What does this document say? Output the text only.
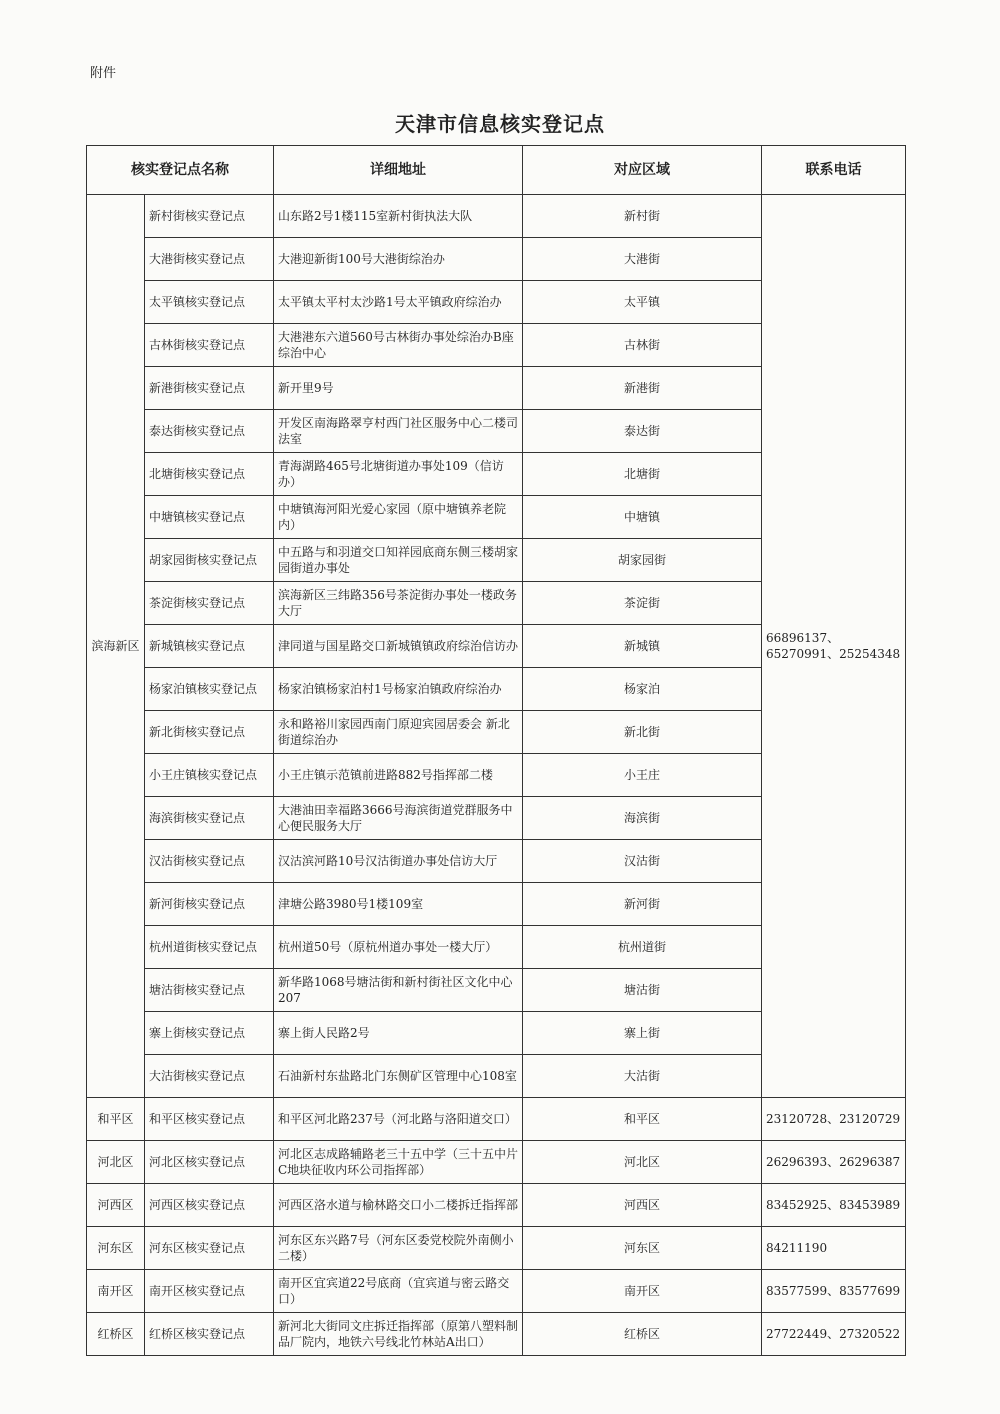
附件
天津市信息核实登记点
核实登记点名称		详细地址	对应区域	联系电话
滨海新区	新村街核实登记点	山东路2号1楼115室新村街执法大队	新村街	66896137、65270991、25254348
	大港街核实登记点	大港迎新街100号大港街综治办	大港街	
	太平镇核实登记点	太平镇太平村太沙路1号太平镇政府综治办	太平镇	
	古林街核实登记点	大港港东六道560号古林街办事处综治办B座综治中心	古林街	
	新港街核实登记点	新开里9号	新港街	
	泰达街核实登记点	开发区南海路翠亨村西门社区服务中心二楼司法室	泰达街	
	北塘街核实登记点	青海湖路465号北塘街道办事处109（信访办）	北塘街	
	中塘镇核实登记点	中塘镇海河阳光爱心家园（原中塘镇养老院内）	中塘镇	
	胡家园街核实登记点	中五路与和羽道交口知祥园底商东侧三楼胡家园街道办事处	胡家园街	
	茶淀街核实登记点	滨海新区三纬路356号茶淀街办事处一楼政务大厅	茶淀街	
	新城镇核实登记点	津同道与国星路交口新城镇镇政府综治信访办	新城镇	
	杨家泊镇核实登记点	杨家泊镇杨家泊村1号杨家泊镇政府综治办	杨家泊	
	新北街核实登记点	永和路裕川家园西南门原迎宾园居委会 新北街道综治办	新北街	
	小王庄镇核实登记点	小王庄镇示范镇前进路882号指挥部二楼	小王庄	
	海滨街核实登记点	大港油田幸福路3666号海滨街道党群服务中心便民服务大厅	海滨街	
	汉沽街核实登记点	汉沽滨河路10号汉沽街道办事处信访大厅	汉沽街	
	新河街核实登记点	津塘公路3980号1楼109室	新河街	
	杭州道街核实登记点	杭州道50号（原杭州道办事处一楼大厅）	杭州道街	
	塘沽街核实登记点	新华路1068号塘沽街和新村街社区文化中心207	塘沽街	
	寨上街核实登记点	寨上街人民路2号	寨上街	
	大沽街核实登记点	石油新村东盐路北门东侧矿区管理中心108室	大沽街	
和平区	和平区核实登记点	和平区河北路237号（河北路与洛阳道交口）	和平区	23120728、23120729
河北区	河北区核实登记点	河北区志成路辅路老三十五中学（三十五中片C地块征收内环公司指挥部）	河北区	26296393、26296387
河西区	河西区核实登记点	河西区洛水道与榆林路交口小二楼拆迁指挥部	河西区	83452925、83453989
河东区	河东区核实登记点	河东区东兴路7号（河东区委党校院外南侧小二楼）	河东区	84211190
南开区	南开区核实登记点	南开区宜宾道22号底商（宜宾道与密云路交口）	南开区	83577599、83577699
红桥区	红桥区核实登记点	新河北大街同文庄拆迁指挥部（原第八塑料制品厂院内，地铁六号线北竹林站A出口）	红桥区	27722449、27320522
